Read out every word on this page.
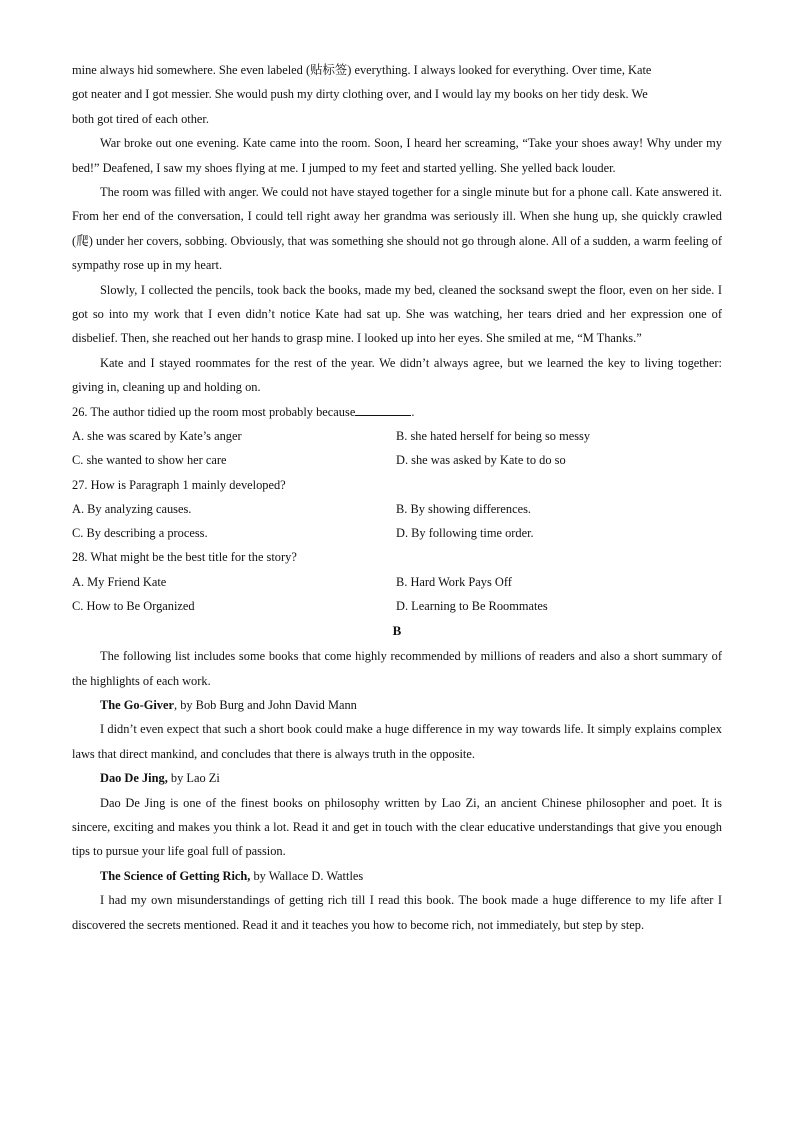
mine always hid somewhere. She even labeled (贴标签) everything. I always looked for everything. Over time, Kate

got neater and I got messier. She would push my dirty clothing over, and I would lay my books on her tidy desk. We

both got tired of each other.

War broke out one evening. Kate came into the room. Soon, I heard her screaming, “Take your shoes away! Why under my bed!” Deafened, I saw my shoes flying at me. I jumped to my feet and started yelling. She yelled back louder.

The room was filled with anger. We could not have stayed together for a single minute but for a phone call. Kate answered it. From her end of the conversation, I could tell right away her grandma was seriously ill. When she hung up, she quickly crawled (爬) under her covers, sobbing. Obviously, that was something she should not go through alone. All of a sudden, a warm feeling of sympathy rose up in my heart.

Slowly, I collected the pencils, took back the books, made my bed, cleaned the socksand swept the floor, even on her side. I got so into my work that I even didn’t notice Kate had sat up. She was watching, her tears dried and her expression one of disbelief. Then, she reached out her hands to grasp mine. I looked up into her eyes. She smiled at me, “M Thanks.”

Kate and I stayed roommates for the rest of the year. We didn’t always agree, but we learned the key to living together: giving in, cleaning up and holding on.

26. The author tidied up the room most probably because	.

A. she was scared by Kate’s anger	B. she hated herself for being so messy
C. she wanted to show her care	D. she was asked by Kate to do so

27. How is Paragraph 1 mainly developed?

A. By analyzing causes.	B. By showing differences.
C. By describing a process.	D. By following time order.

28. What might be the best title for the story?

A. My Friend Kate	B. Hard Work Pays Off
C. How to Be Organized	D. Learning to Be Roommates

B

The following list includes some books that come highly recommended by millions of readers and also a short summary of the highlights of each work.

The Go-Giver, by Bob Burg and John David Mann

I didn’t even expect that such a short book could make a huge difference in my way towards life. It simply explains complex laws that direct mankind, and concludes that there is always truth in the opposite.

Dao De Jing, by Lao Zi

Dao De Jing is one of the finest books on philosophy written by Lao Zi, an ancient Chinese philosopher and poet. It is sincere, exciting and makes you think a lot. Read it and get in touch with the clear educative understandings that give you enough tips to pursue your life goal full of passion.

The Science of Getting Rich, by Wallace D. Wattles

I had my own misunderstandings of getting rich till I read this book. The book made a huge difference to my life after I discovered the secrets mentioned. Read it and it teaches you how to become rich, not immediately, but step by step.
